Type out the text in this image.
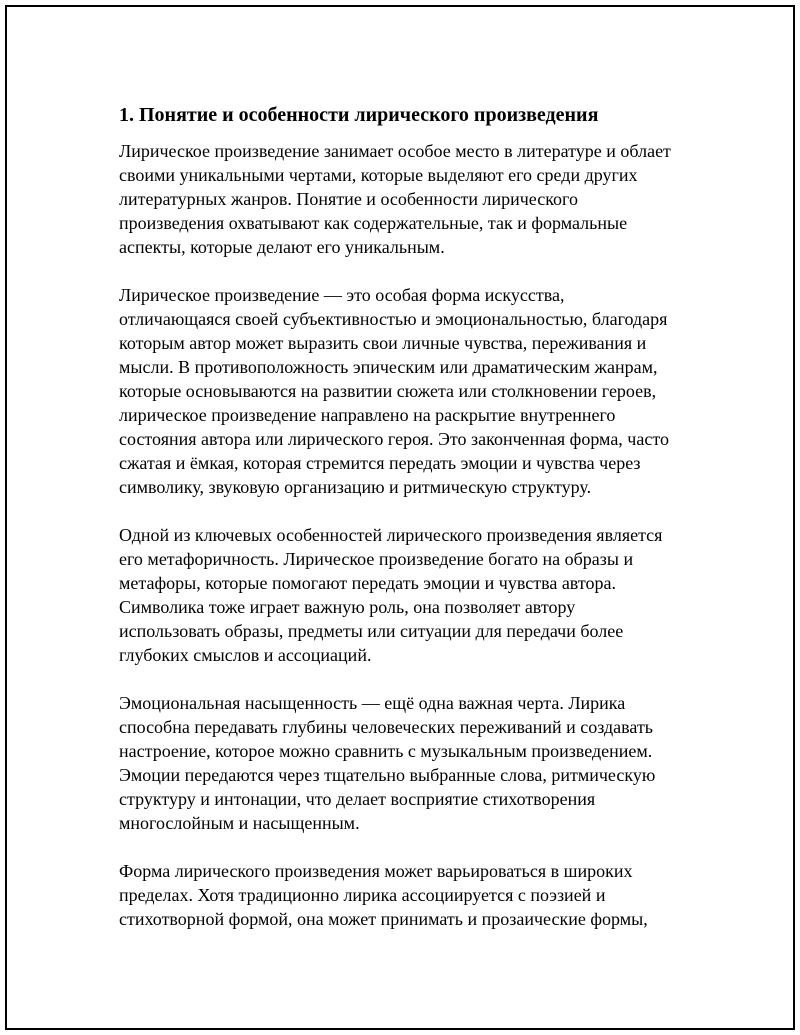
1. Понятие и особенности лирического произведения
Лирическое произведение занимает особое место в литературе и облает
своими уникальными чертами, которые выделяют его среди других
литературных жанров. Понятие и особенности лирического
произведения охватывают как содержательные, так и формальные
аспекты, которые делают его уникальным.
Лирическое произведение — это особая форма искусства,
отличающаяся своей субъективностью и эмоциональностью, благодаря
которым автор может выразить свои личные чувства, переживания и
мысли. В противоположность эпическим или драматическим жанрам,
которые основываются на развитии сюжета или столкновении героев,
лирическое произведение направлено на раскрытие внутреннего
состояния автора или лирического героя. Это законченная форма, часто
сжатая и ёмкая, которая стремится передать эмоции и чувства через
символику, звуковую организацию и ритмическую структуру.
Одной из ключевых особенностей лирического произведения является
его метафоричность. Лирическое произведение богато на образы и
метафоры, которые помогают передать эмоции и чувства автора.
Символика тоже играет важную роль, она позволяет автору
использовать образы, предметы или ситуации для передачи более
глубоких смыслов и ассоциаций.
Эмоциональная насыщенность — ещё одна важная черта. Лирика
способна передавать глубины человеческих переживаний и создавать
настроение, которое можно сравнить с музыкальным произведением.
Эмоции передаются через тщательно выбранные слова, ритмическую
структуру и интонации, что делает восприятие стихотворения
многослойным и насыщенным.
Форма лирического произведения может варьироваться в широких
пределах. Хотя традиционно лирика ассоциируется с поэзией и
стихотворной формой, она может принимать и прозаические формы,
